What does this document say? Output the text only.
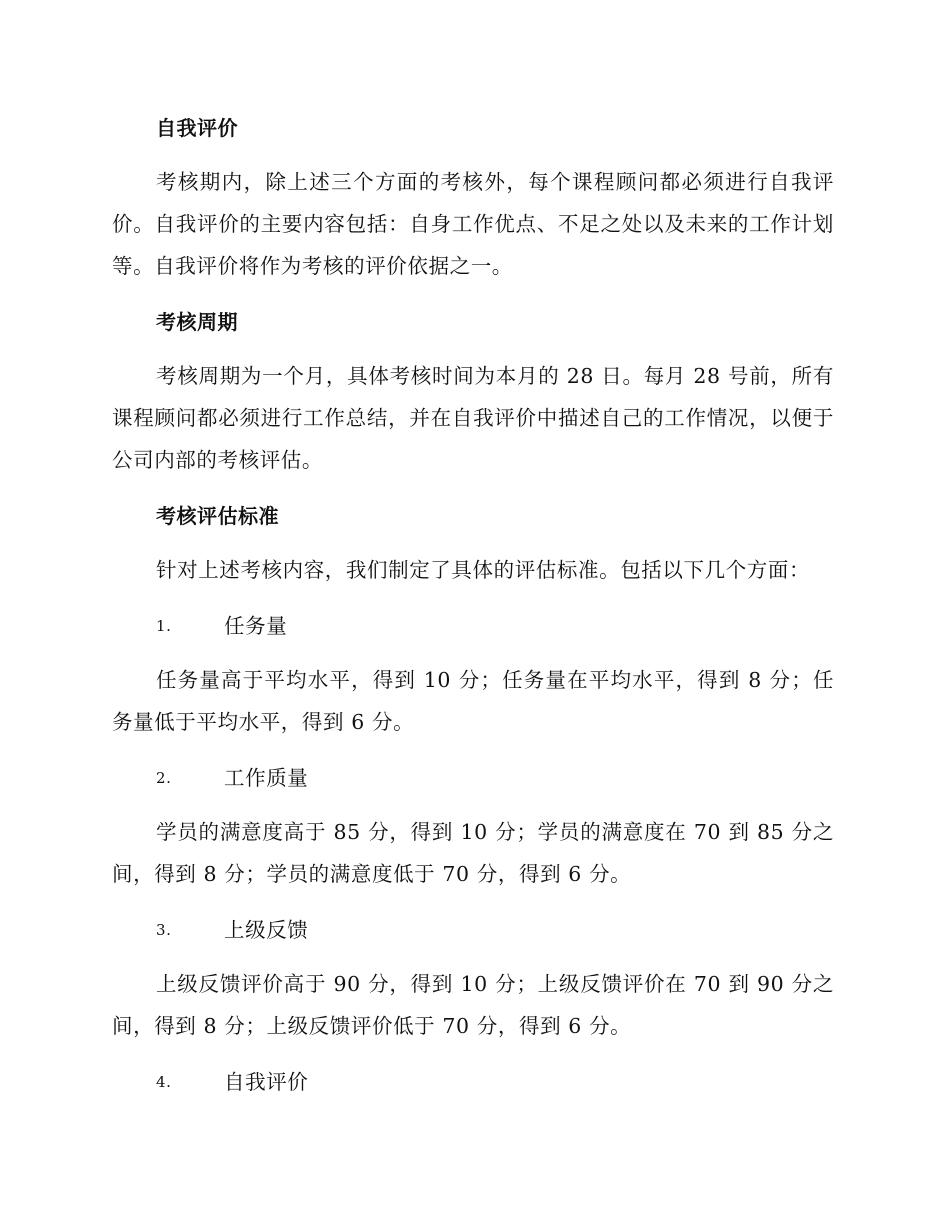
自我评价
考核期内，除上述三个方面的考核外，每个课程顾问都必须进行自我评价。自我评价的主要内容包括：自身工作优点、不足之处以及未来的工作计划等。自我评价将作为考核的评价依据之一。
考核周期
考核周期为一个月，具体考核时间为本月的 28 日。每月 28 号前，所有课程顾问都必须进行工作总结，并在自我评价中描述自己的工作情况，以便于公司内部的考核评估。
考核评估标准
针对上述考核内容，我们制定了具体的评估标准。包括以下几个方面：
1.	任务量
任务量高于平均水平，得到 10 分；任务量在平均水平，得到 8 分；任务量低于平均水平，得到 6 分。
2.	工作质量
学员的满意度高于 85 分，得到 10 分；学员的满意度在 70 到 85 分之间，得到 8 分；学员的满意度低于 70 分，得到 6 分。
3.	上级反馈
上级反馈评价高于 90 分，得到 10 分；上级反馈评价在 70 到 90 分之间，得到 8 分；上级反馈评价低于 70 分，得到 6 分。
4.	自我评价
